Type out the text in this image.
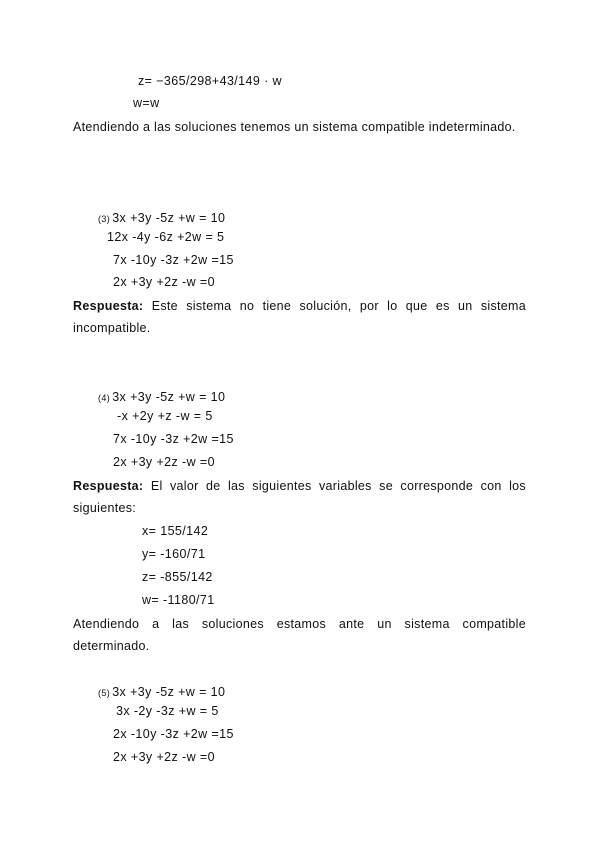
z= −365/298+43/149 · w
w=w
Atendiendo a las soluciones tenemos un sistema compatible indeterminado.
(3) 3x +3y -5z +w = 10
12x -4y -6z +2w = 5
7x -10y -3z +2w =15
2x +3y +2z -w =0
Respuesta: Este sistema no tiene solución, por lo que es un sistema incompatible.
(4) 3x +3y -5z +w = 10
-x +2y +z -w = 5
7x -10y -3z +2w =15
2x +3y +2z -w =0
Respuesta: El valor de las siguientes variables se corresponde con los siguientes:
x= 155/142
y= -160/71
z= -855/142
w= -1180/71
Atendiendo a las soluciones estamos ante un sistema compatible determinado.
(5) 3x +3y -5z +w = 10
3x -2y -3z +w = 5
2x -10y -3z +2w =15
2x +3y +2z -w =0
